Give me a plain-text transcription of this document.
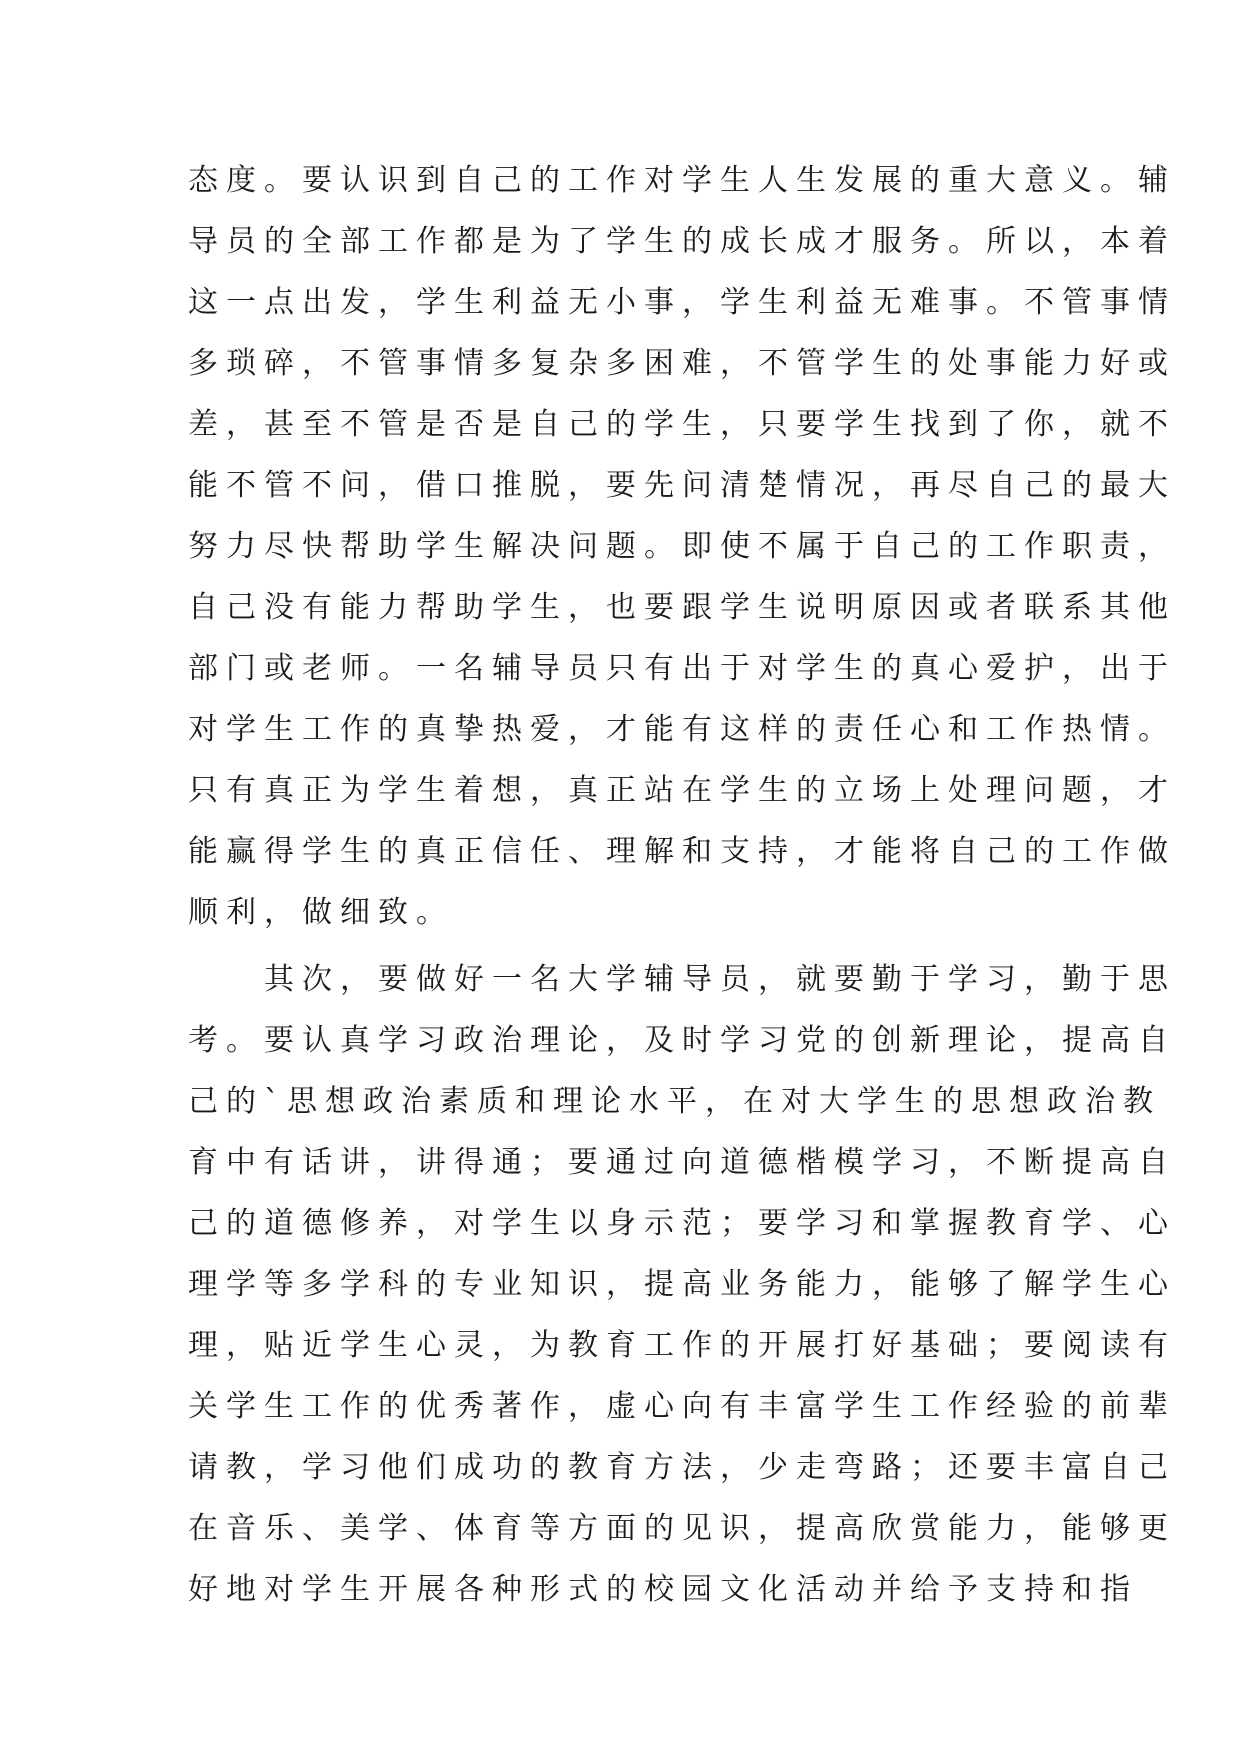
态度。要认识到自己的工作对学生人生发展的重大意义。辅
导员的全部工作都是为了学生的成长成才服务。所以，本着
这一点出发，学生利益无小事，学生利益无难事。不管事情
多琐碎，不管事情多复杂多困难，不管学生的处事能力好或
差，甚至不管是否是自己的学生，只要学生找到了你，就不
能不管不问，借口推脱，要先问清楚情况，再尽自己的最大
努力尽快帮助学生解决问题。即使不属于自己的工作职责，
自己没有能力帮助学生，也要跟学生说明原因或者联系其他
部门或老师。一名辅导员只有出于对学生的真心爱护，出于
对学生工作的真挚热爱，才能有这样的责任心和工作热情。
只有真正为学生着想，真正站在学生的立场上处理问题，才
能赢得学生的真正信任、理解和支持，才能将自己的工作做
顺利，做细致。
　　其次，要做好一名大学辅导员，就要勤于学习，勤于思
考。要认真学习政治理论，及时学习党的创新理论，提高自
己的`思想政治素质和理论水平，在对大学生的思想政治教
育中有话讲，讲得通；要通过向道德楷模学习，不断提高自
己的道德修养，对学生以身示范；要学习和掌握教育学、心
理学等多学科的专业知识，提高业务能力，能够了解学生心
理，贴近学生心灵，为教育工作的开展打好基础；要阅读有
关学生工作的优秀著作，虚心向有丰富学生工作经验的前辈
请教，学习他们成功的教育方法，少走弯路；还要丰富自己
在音乐、美学、体育等方面的见识，提高欣赏能力，能够更
好地对学生开展各种形式的校园文化活动并给予支持和指
